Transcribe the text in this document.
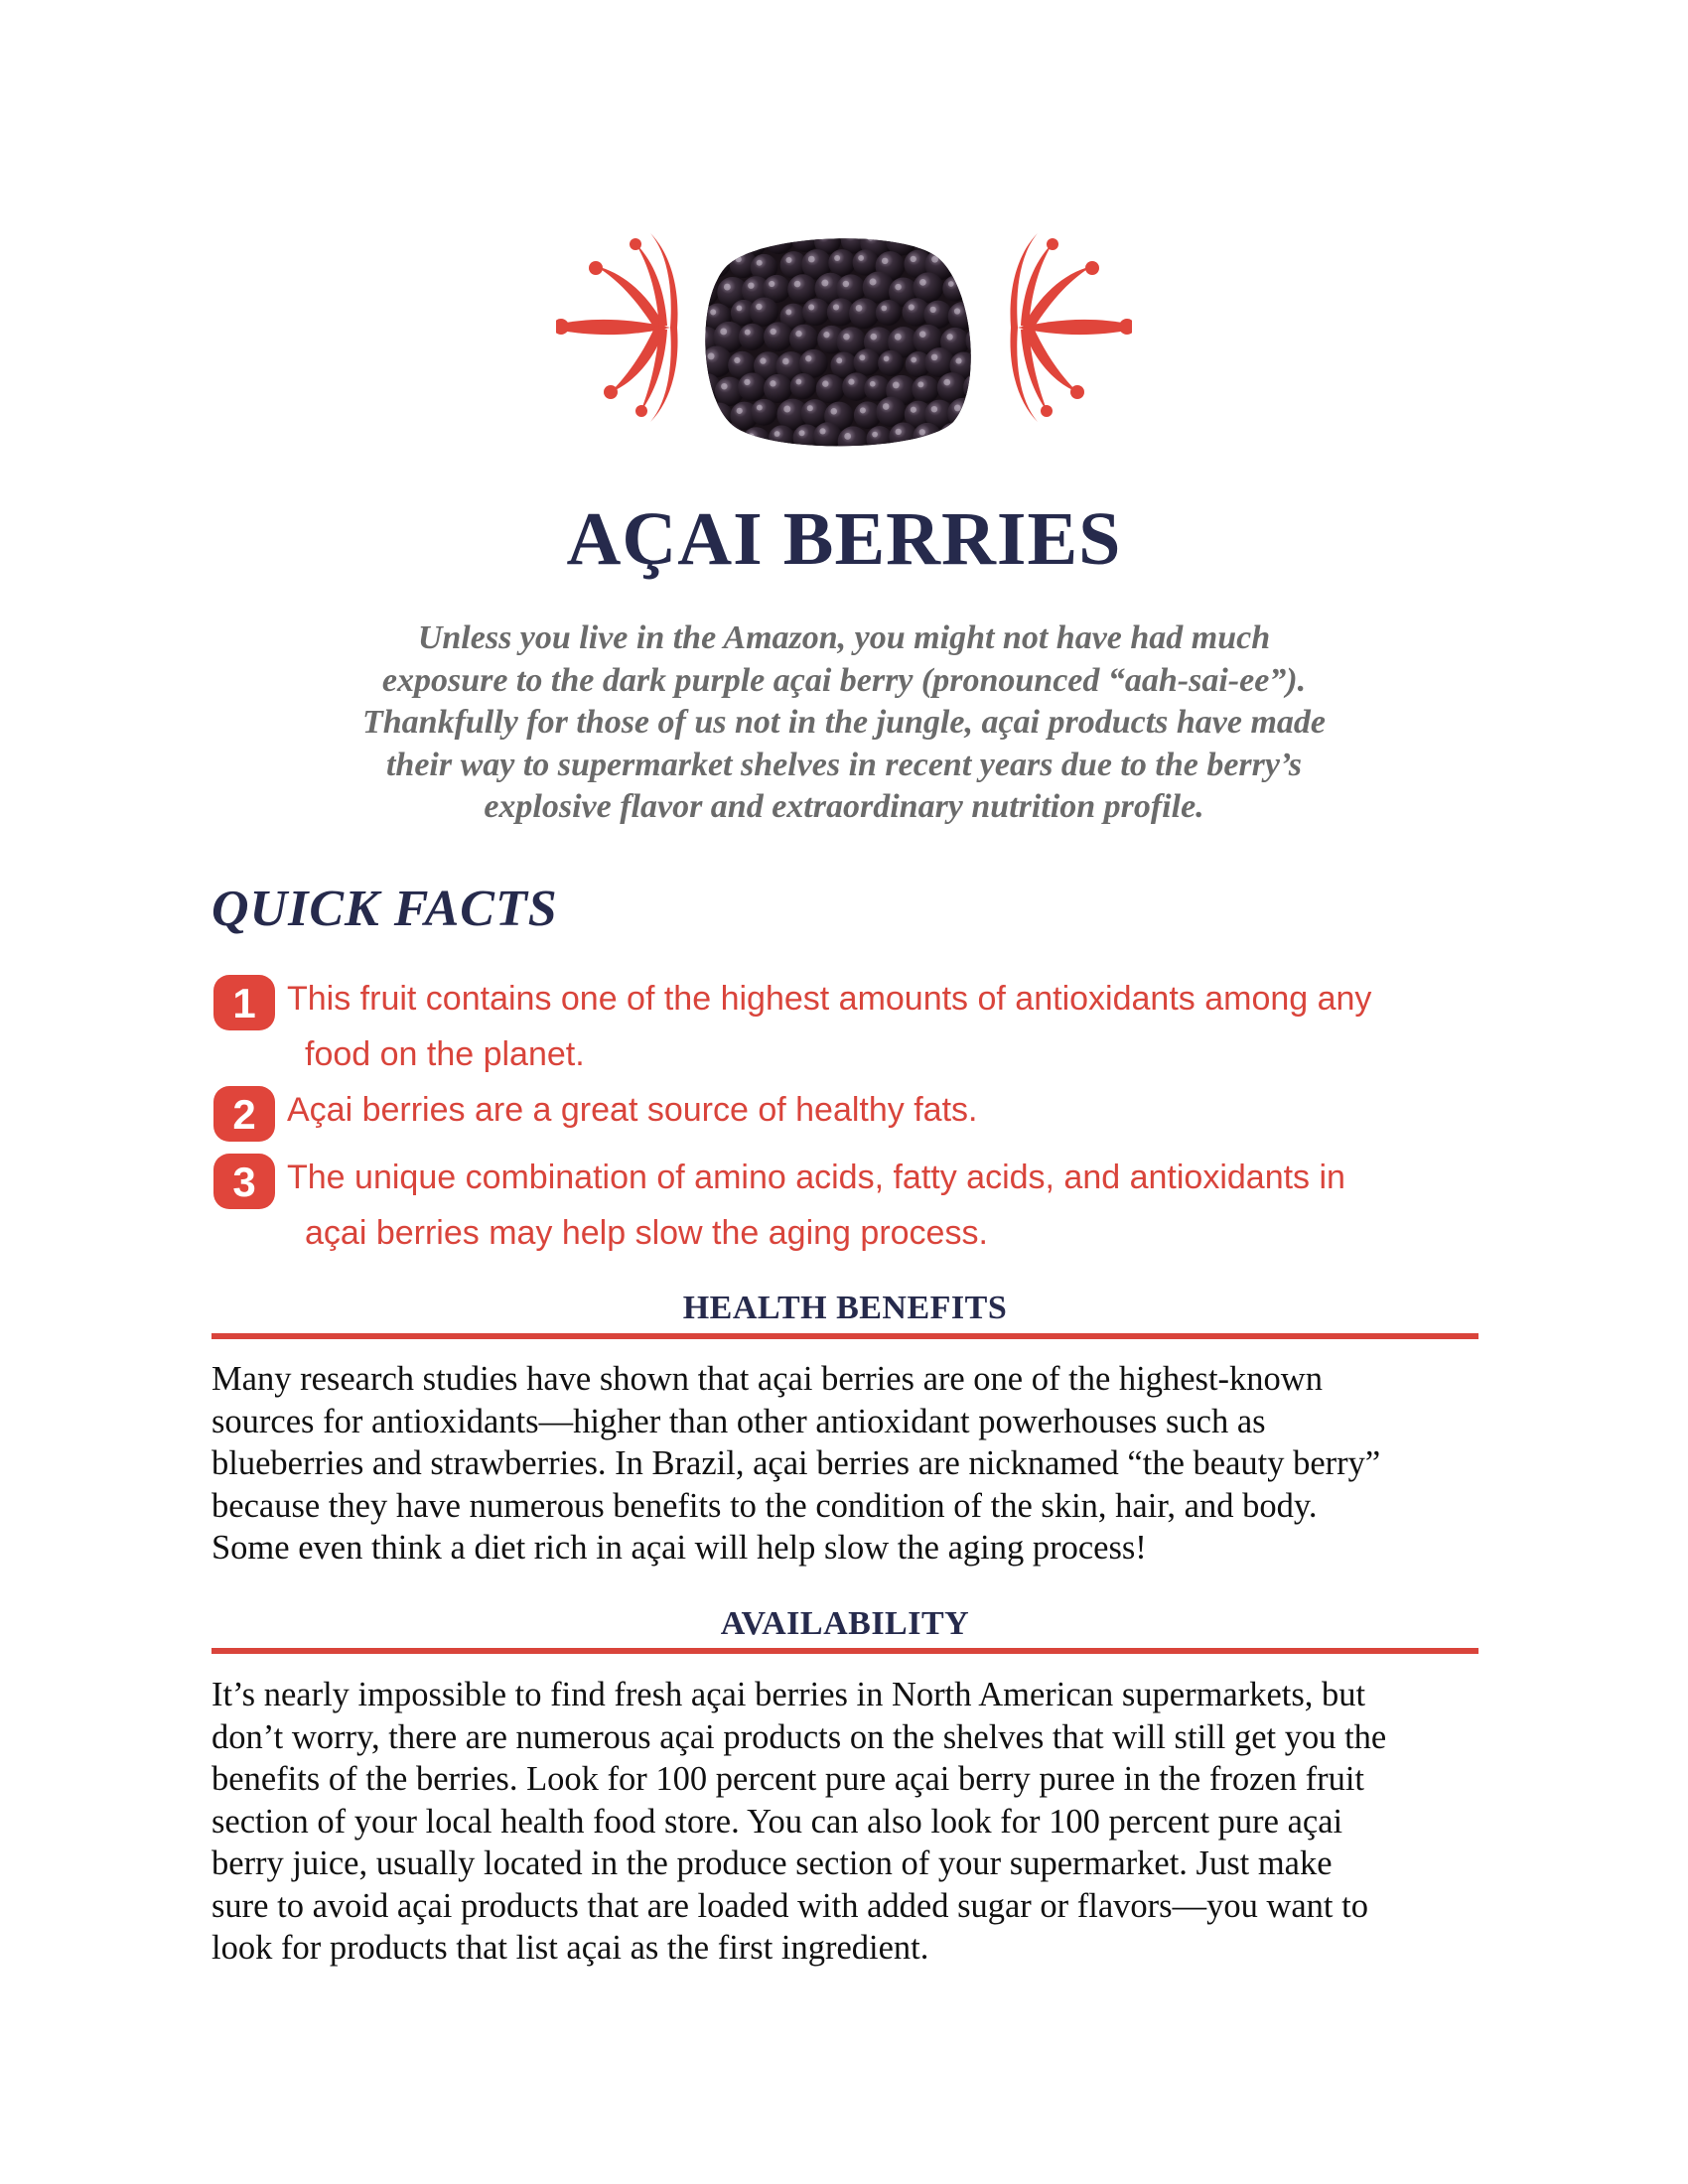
AÇAI BERRIES
Unless you live in the Amazon, you might not have had much
exposure to the dark purple açai berry (pronounced “aah-sai-ee”).
Thankfully for those of us not in the jungle, açai products have made
their way to supermarket shelves in recent years due to the berry’s
explosive flavor and extraordinary nutrition profile.
QUICK FACTS
1 This fruit contains one of the highest amounts of antioxidants among any
food on the planet.
2 Açai berries are a great source of healthy fats.
3 The unique combination of amino acids, fatty acids, and antioxidants in
açai berries may help slow the aging process.
HEALTH BENEFITS
Many research studies have shown that açai berries are one of the highest-known
sources for antioxidants—higher than other antioxidant powerhouses such as
blueberries and strawberries. In Brazil, açai berries are nicknamed “the beauty berry”
because they have numerous benefits to the condition of the skin, hair, and body.
Some even think a diet rich in açai will help slow the aging process!
AVAILABILITY
It’s nearly impossible to find fresh açai berries in North American supermarkets, but
don’t worry, there are numerous açai products on the shelves that will still get you the
benefits of the berries. Look for 100 percent pure açai berry puree in the frozen fruit
section of your local health food store. You can also look for 100 percent pure açai
berry juice, usually located in the produce section of your supermarket. Just make
sure to avoid açai products that are loaded with added sugar or flavors—you want to
look for products that list açai as the first ingredient.
